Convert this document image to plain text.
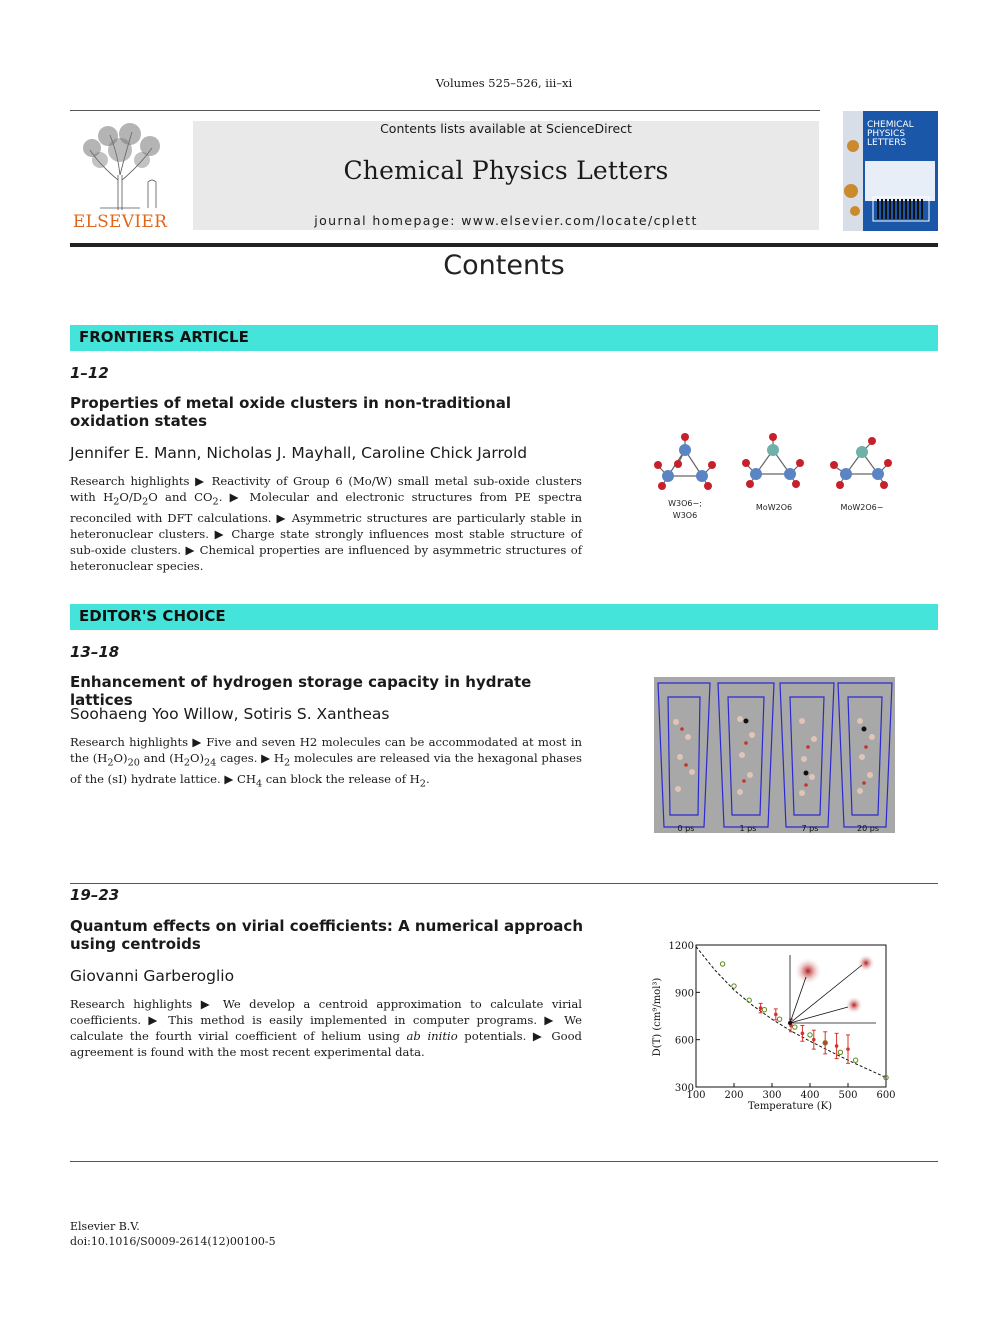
Volumes 525–526, iii–xi
ELSEVIER
Contents lists available at ScienceDirect
Chemical Physics Letters
journal homepage: www.elsevier.com/locate/cplett
CHEMICAL
PHYSICS
LETTERS
Contents
FRONTIERS ARTICLE
1–12
Properties of metal oxide clusters in non-traditional oxidation states
Jennifer E. Mann, Nicholas J. Mayhall, Caroline Chick Jarrold
Research highlights ▶ Reactivity of Group 6 (Mo/W) small metal sub-oxide clusters with $H_2O/D_2O$ and $CO_2$. ▶ Molecular and electronic structures from PE spectra reconciled with DFT calculations. ▶ Asymmetric structures are particularly stable in heteronuclear clusters. ▶ Charge state strongly influences most stable structure of sub-oxide clusters. ▶ Chemical properties are influenced by asymmetric structures of heteronuclear species.
W3O6−;
W3O6
MoW2O6	MoW2O6−
EDITOR'S CHOICE
13–18
Enhancement of hydrogen storage capacity in hydrate lattices
Soohaeng Yoo Willow, Sotiris S. Xantheas
Research highlights ▶ Five and seven H2 molecules can be accommodated at most in the $(H_2O)_{20}$ and $(H_2O)_{24}$ cages. ▶ $H_2$ molecules are released via the hexagonal phases of the (sI) hydrate lattice. ▶ $CH_4$ can block the release of $H_2$.
0 ps	1 ps	7 ps	20 ps
19–23
Quantum effects on virial coefficients: A numerical approach using centroids
Giovanni Garberoglio
Research highlights ▶ We develop a centroid approximation to calculate virial coefficients. ▶ This method is easily implemented in computer programs. ▶ We calculate the fourth virial coefficient of helium using ab initio potentials. ▶ Good agreement is found with the most recent experimental data.
100 200 300 400 500 600
300
600
900
1200
Temperature (K)
D(T) (cm⁹/mol³)
Elsevier B.V.
doi:10.1016/S0009-2614(12)00100-5
